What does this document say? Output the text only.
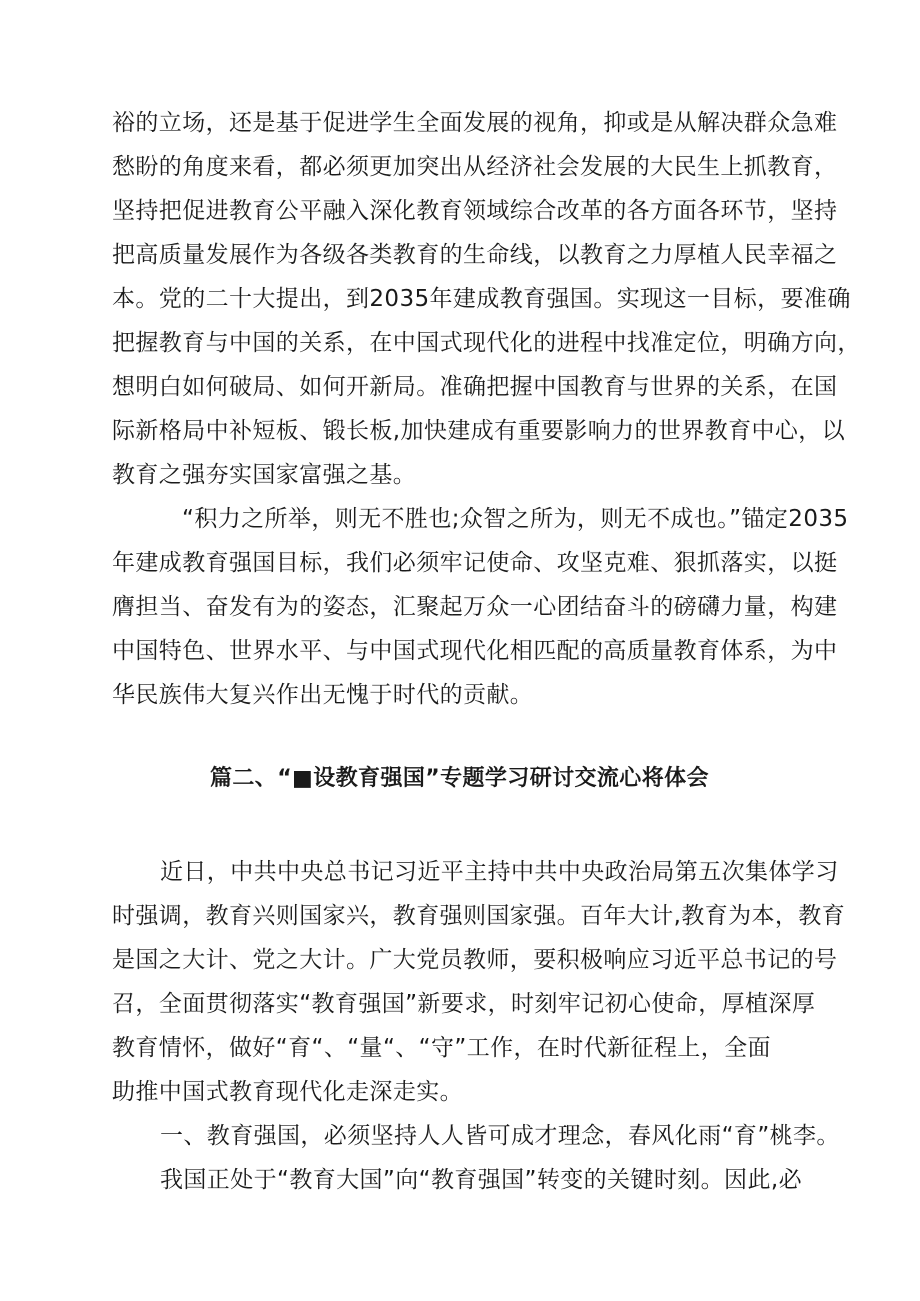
裕的立场，还是基于促进学生全面发展的视角，抑或是从解决群众急难
愁盼的角度来看，都必须更加突出从经济社会发展的大民生上抓教育，
坚持把促进教育公平融入深化教育领域综合改革的各方面各环节，坚持
把高质量发展作为各级各类教育的生命线，以教育之力厚植人民幸福之
本。党的二十大提出，到2035年建成教育强国。实现这一目标，要准确
把握教育与中国的关系，在中国式现代化的进程中找准定位，明确方向，
想明白如何破局、如何开新局。准确把握中国教育与世界的关系，在国
际新格局中补短板、锻长板,加快建成有重要影响力的世界教育中心，以
教育之强夯实国家富强之基。
“积力之所举，则无不胜也;众智之所为，则无不成也。”锚定2035
年建成教育强国目标，我们必须牢记使命、攻坚克难、狠抓落实，以挺
膺担当、奋发有为的姿态，汇聚起万众一心团结奋斗的磅礴力量，构建
中国特色、世界水平、与中国式现代化相匹配的高质量教育体系，为中
华民族伟大复兴作出无愧于时代的贡献。
篇二、“■设教育强国”专题学习研讨交流心将体会
近日，中共中央总书记习近平主持中共中央政治局第五次集体学习
时强调，教育兴则国家兴，教育强则国家强。百年大计,教育为本，教育
是国之大计、党之大计。广大党员教师，要积极响应习近平总书记的号
召，全面贯彻落实“教育强国”新要求，时刻牢记初心使命，厚植深厚
教育情怀，做好“育“、“量“、“守”工作，在时代新征程上，全面
助推中国式教育现代化走深走实。
一、教育强国，必须坚持人人皆可成才理念，春风化雨“育”桃李。
我国正处于“教育大国”向“教育强国”转变的关键时刻。因此,必
